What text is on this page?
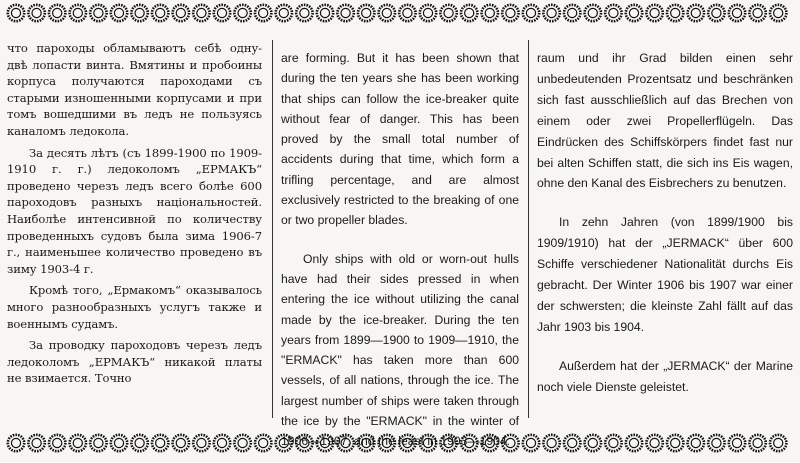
что пароходы обламываютъ себѣ одну-двѣ лопасти винта. Вмятины и пробоины корпуса получаются пароходами съ старыми изношенными корпусами и при томъ вошедшими въ ледъ не пользуясь каналомъ ледокола.

За десять лѣтъ (съ 1899-1900 по 1909-1910 г. г.) ледоколомъ „ЕРМАКЪ“ проведено черезъ ледъ всего болѣе 600 пароходовъ разныхъ національностей. Наиболѣе интенсивной по количеству проведенныхъ судовъ была зима 1906-7 г., наименьшее количество проведено въ зиму 1903-4 г.

Кромѣ того, „Ермакомъ“ оказывалось много разнообразныхъ услугъ также и военнымъ судамъ.

За проводку пароходовъ черезъ ледъ ледоколомъ „ЕРМАКЪ“ никакой платы не взимается. Точно

are forming. But it has been shown that during the ten years she has been working that ships can follow the ice-breaker quite without fear of danger. This has been proved by the small total number of accidents during that time, which form a trifling percentage, and are almost exclusively restricted to the breaking of one or two propeller blades.

Only ships with old or worn-out hulls have had their sides pressed in when entering the ice without utilizing the canal made by the ice-breaker. During the ten years from 1899—1900 to 1909—1910, the "ERMACK" has taken more than 600 vessels, of all nations, through the ice. The largest number of ships were taken through the ice by the "ERMACK" in the winter of 1906—1907, and the least in 1903—1904.

raum und ihr Grad bilden einen sehr unbedeutenden Prozentsatz und beschränken sich fast ausschließlich auf das Brechen von einem oder zwei Propellerflügeln. Das Eindrücken des Schiffskörpers findet fast nur bei alten Schiffen statt, die sich ins Eis wagen, ohne den Kanal des Eisbrechers zu benutzen.

In zehn Jahren (von 1899/1900 bis 1909/1910) hat der „JERMACK“ über 600 Schiffe verschiedener Nationalität durchs Eis gebracht. Der Winter 1906 bis 1907 war einer der schwersten; die kleinste Zahl fällt auf das Jahr 1903 bis 1904.

Außerdem hat der „JERMACK“ der Marine noch viele Dienste geleistet.
